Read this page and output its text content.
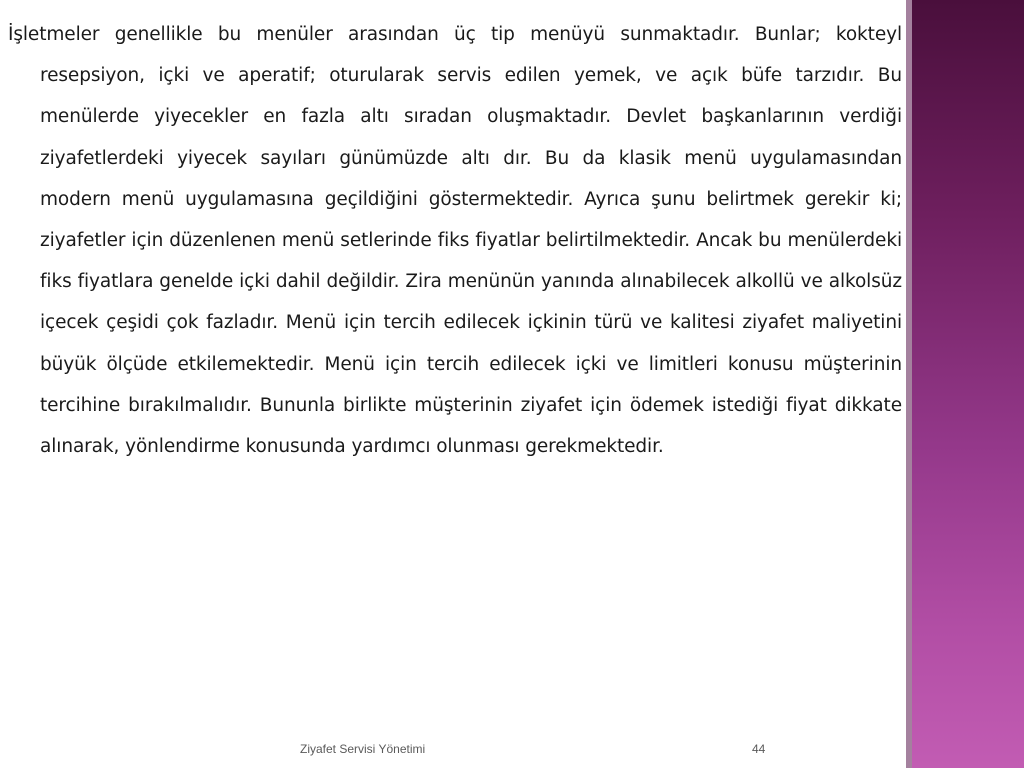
İşletmeler genellikle bu menüler arasından üç tip menüyü sunmaktadır. Bunlar; kokteyl resepsiyon, içki ve aperatif; oturularak servis edilen yemek, ve açık büfe tarzıdır. Bu menülerde yiyecekler en fazla altı sıradan oluşmaktadır. Devlet başkanlarının verdiği ziyafetlerdeki yiyecek sayıları günümüzde altı dır. Bu da klasik menü uygulamasından modern menü uygulamasına geçildiğini göstermektedir. Ayrıca şunu belirtmek gerekir ki; ziyafetler için düzenlenen menü setlerinde fiks fiyatlar belirtilmektedir. Ancak bu menülerdeki fiks fiyatlara genelde içki dahil değildir. Zira menünün yanında alınabilecek alkollü ve alkolsüz içecek çeşidi çok fazladır. Menü için tercih edilecek içkinin türü ve kalitesi ziyafet maliyetini büyük ölçüde etkilemektedir. Menü için tercih edilecek içki ve limitleri konusu müşterinin tercihine bırakılmalıdır. Bununla birlikte müşterinin ziyafet için ödemek istediği fiyat dikkate alınarak, yönlendirme konusunda yardımcı olunması gerekmektedir.

Ziyafet Servisi Yönetimi	44
